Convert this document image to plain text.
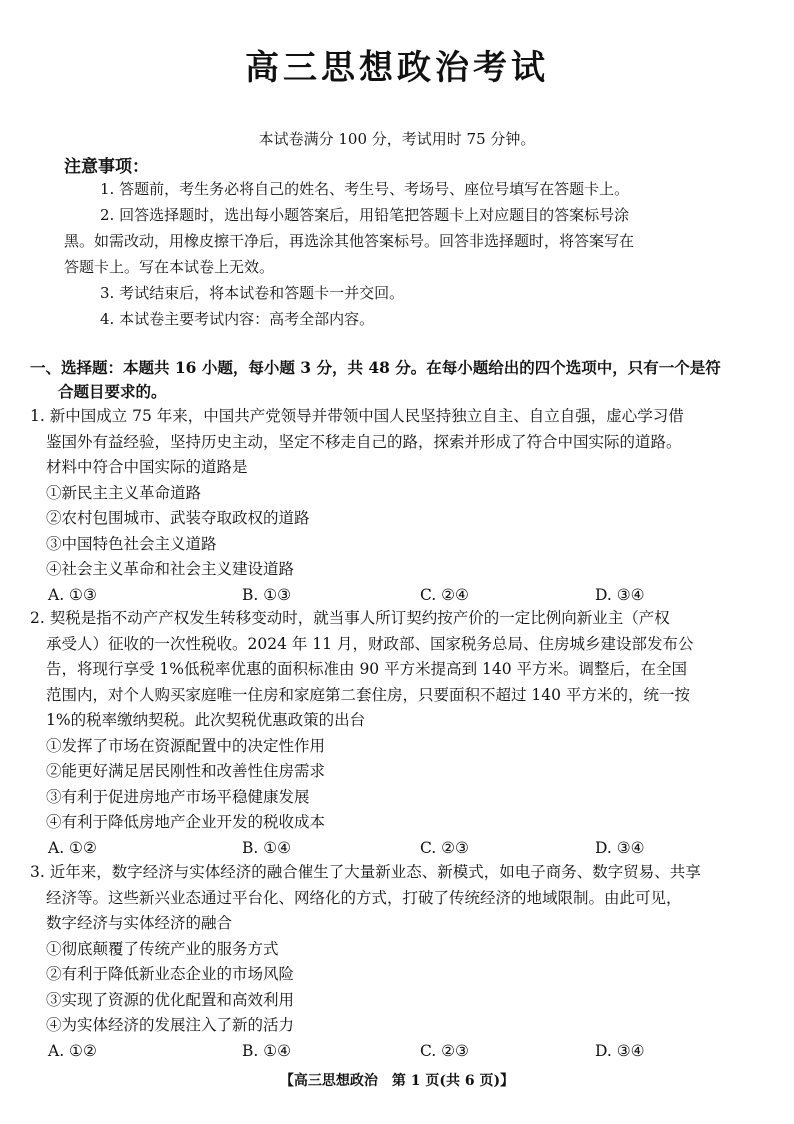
高三思想政治考试
本试卷满分 100 分，考试用时 75 分钟。
注意事项：

1. 答题前，考生务必将自己的姓名、考生号、考场号、座位号填写在答题卡上。

2. 回答选择题时，选出每小题答案后，用铅笔把答题卡上对应题目的答案标号涂

黑。如需改动，用橡皮擦干净后，再选涂其他答案标号。回答非选择题时，将答案写在

答题卡上。写在本试卷上无效。

3. 考试结束后，将本试卷和答题卡一并交回。

4. 本试卷主要考试内容：高考全部内容。

一、选择题：本题共 16 小题，每小题 3 分，共 48 分。在每小题给出的四个选项中，只有一个是符
合题目要求的。

1. 新中国成立 75 年来，中国共产党领导并带领中国人民坚持独立自主、自立自强，虚心学习借

鉴国外有益经验，坚持历史主动，坚定不移走自己的路，探索并形成了符合中国实际的道路。

材料中符合中国实际的道路是

①新民主主义革命道路

②农村包围城市、武装夺取政权的道路

③中国特色社会主义道路

④社会主义革命和社会主义建设道路

A. ①③	B. ①③	C. ②④	D. ③④

2. 契税是指不动产产权发生转移变动时，就当事人所订契约按产价的一定比例向新业主（产权

承受人）征收的一次性税收。2024 年 11 月，财政部、国家税务总局、住房城乡建设部发布公

告，将现行享受 1%低税率优惠的面积标准由 90 平方米提高到 140 平方米。调整后，在全国

范围内，对个人购买家庭唯一住房和家庭第二套住房，只要面积不超过 140 平方米的，统一按

1%的税率缴纳契税。此次契税优惠政策的出台

①发挥了市场在资源配置中的决定性作用

②能更好满足居民刚性和改善性住房需求

③有利于促进房地产市场平稳健康发展

④有利于降低房地产企业开发的税收成本

A. ①②	B. ①④	C. ②③	D. ③④

3. 近年来，数字经济与实体经济的融合催生了大量新业态、新模式，如电子商务、数字贸易、共享

经济等。这些新兴业态通过平台化、网络化的方式，打破了传统经济的地域限制。由此可见，

数字经济与实体经济的融合

①彻底颠覆了传统产业的服务方式

②有利于降低新业态企业的市场风险

③实现了资源的优化配置和高效利用

④为实体经济的发展注入了新的活力

A. ①②	B. ①④	C. ②③	D. ③④
【高三思想政治　第 1 页(共 6 页)】
